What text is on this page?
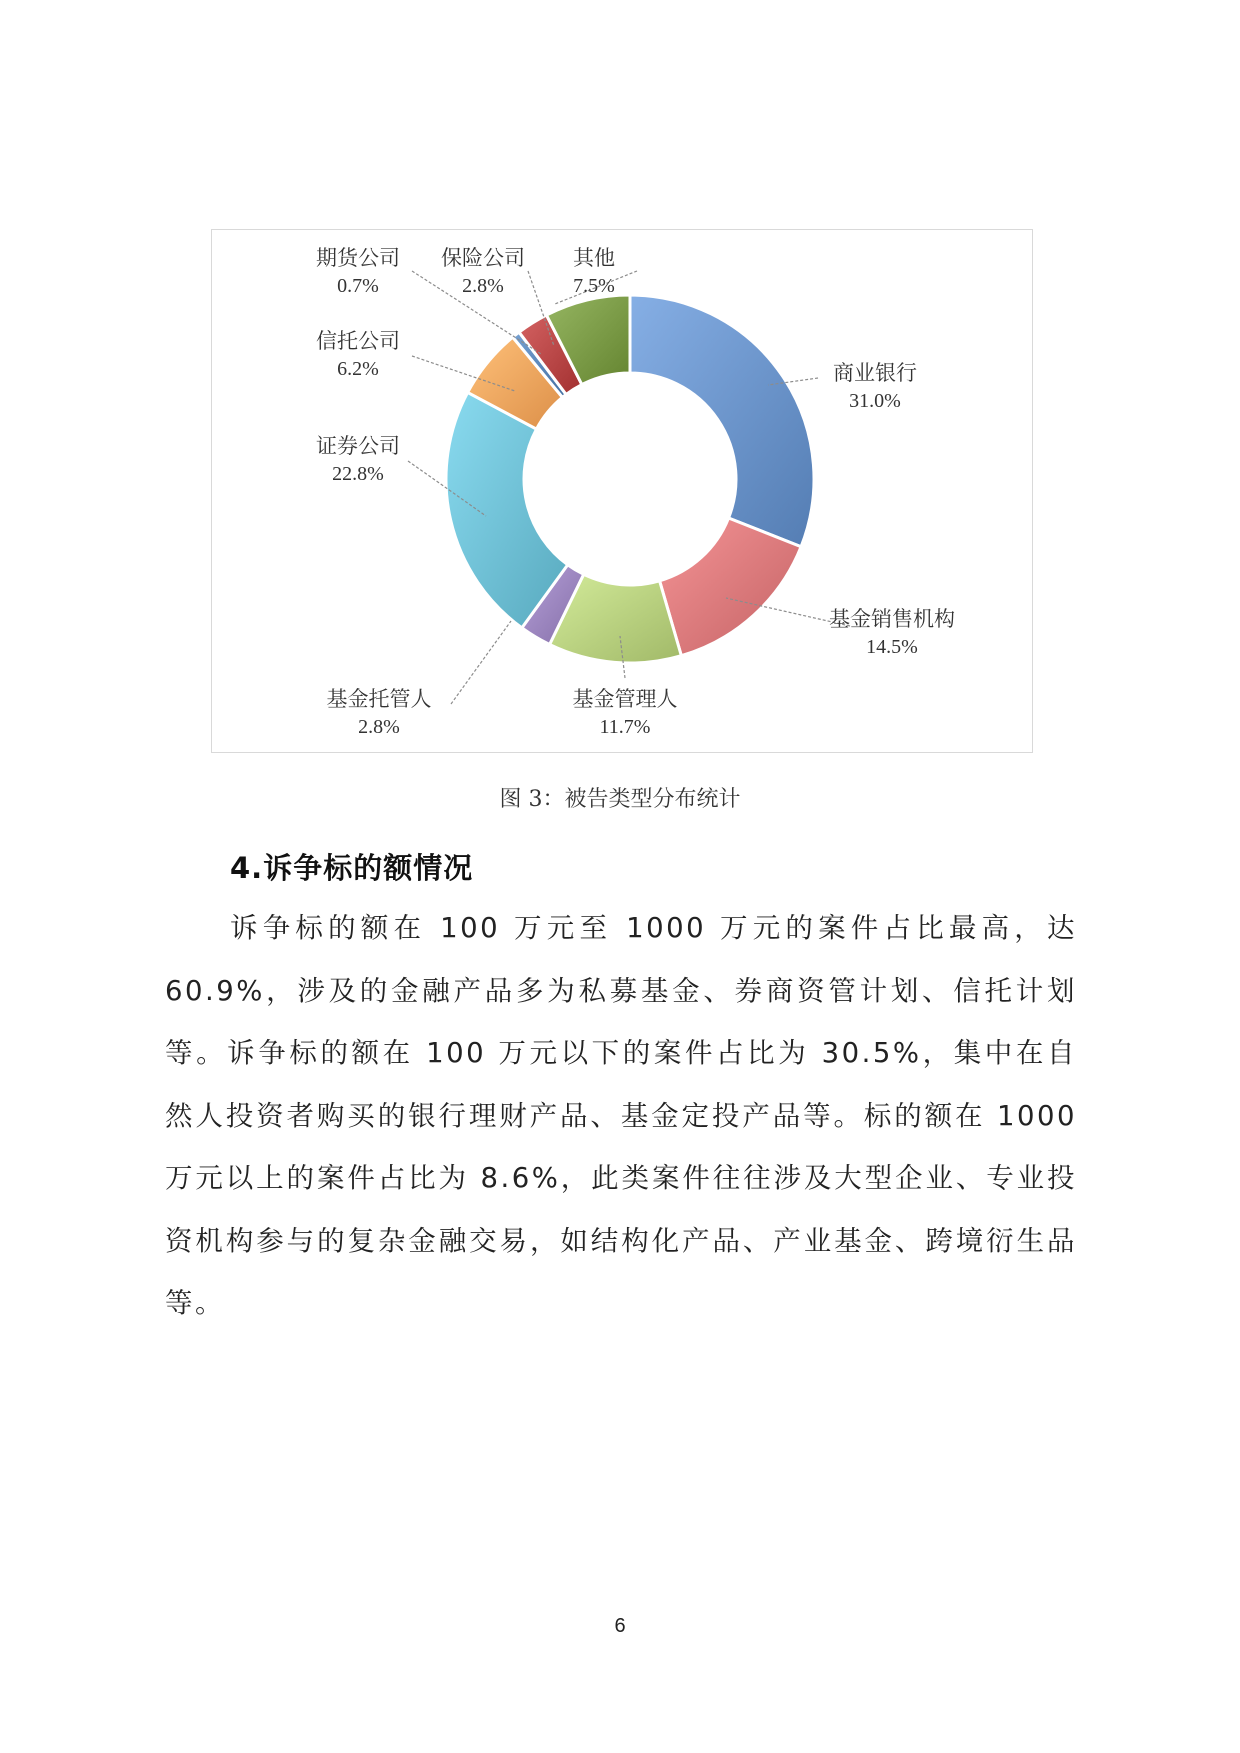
商业银行
31.0%
基金销售机构
14.5%
基金管理人
11.7%
基金托管人
2.8%
证券公司
22.8%
信托公司
6.2%
期货公司
0.7%
保险公司
2.8%
其他
7.5%
图 3：被告类型分布统计
4.诉争标的额情况

诉争标的额在 100 万元至 1000 万元的案件占比最高，达 60.9%，涉及的金融产品多为私募基金、券商资管计划、信托计划等。诉争标的额在 100 万元以下的案件占比为 30.5%，集中在自然人投资者购买的银行理财产品、基金定投产品等。标的额在 1000 万元以上的案件占比为 8.6%，此类案件往往涉及大型企业、专业投资机构参与的复杂金融交易，如结构化产品、产业基金、跨境衍生品等。

6
